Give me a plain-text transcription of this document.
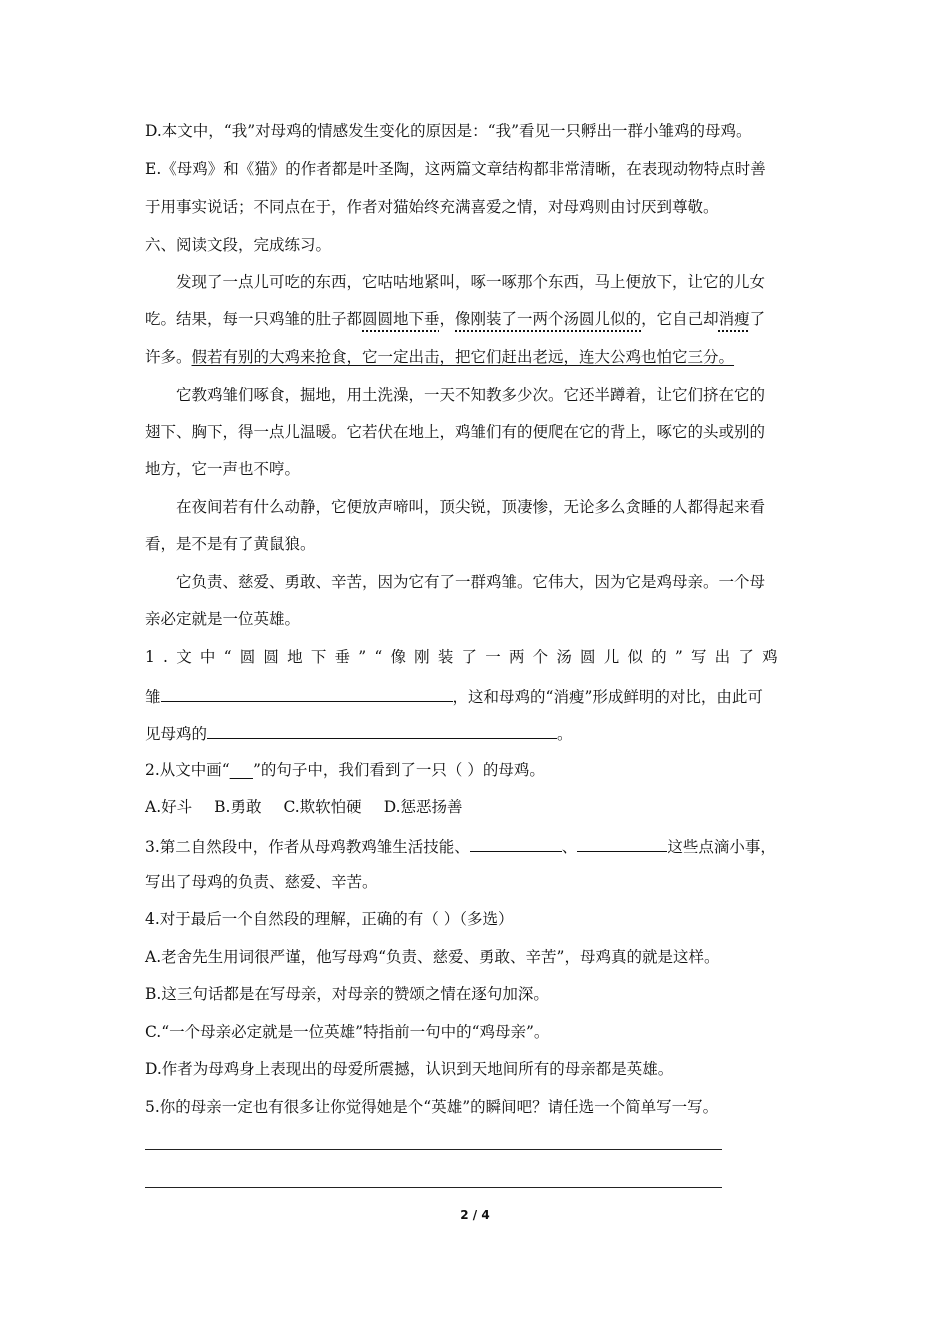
D.本文中，“我”对母鸡的情感发生变化的原因是：“我”看见一只孵出一群小雏鸡的母鸡。

E.《母鸡》和《猫》的作者都是叶圣陶，这两篇文章结构都非常清晰，在表现动物特点时善

于用事实说话；不同点在于，作者对猫始终充满喜爱之情，对母鸡则由讨厌到尊敬。

六、阅读文段，完成练习。

发现了一点儿可吃的东西，它咕咕地紧叫，啄一啄那个东西，马上便放下，让它的儿女

吃。结果，每一只鸡雏的肚子都圆圆地下垂，像刚装了一两个汤圆儿似的，它自己却消瘦了

许多。假若有别的大鸡来抢食，它一定出击，把它们赶出老远，连大公鸡也怕它三分。

它教鸡雏们啄食，掘地，用土洗澡，一天不知教多少次。它还半蹲着，让它们挤在它的

翅下、胸下，得一点儿温暖。它若伏在地上，鸡雏们有的便爬在它的背上，啄它的头或别的

地方，它一声也不哼。

在夜间若有什么动静，它便放声啼叫，顶尖锐，顶凄惨，无论多么贪睡的人都得起来看

看，是不是有了黄鼠狼。

它负责、慈爱、勇敢、辛苦，因为它有了一群鸡雏。它伟大，因为它是鸡母亲。一个母

亲必定就是一位英雄。

1.文中“圆圆地下垂”“像刚装了一两个汤圆儿似的”写出了鸡

雏	，这和母鸡的“消瘦”形成鲜明的对比，由此可

见母鸡的	。

2.从文中画“___”的句子中，我们看到了一只（ ）的母鸡。

A.好斗 B.勇敢 C.欺软怕硬 D.惩恶扬善

3.第二自然段中，作者从母鸡教鸡雏生活技能、	、	这些点滴小事，

写出了母鸡的负责、慈爱、辛苦。

4.对于最后一个自然段的理解，正确的有（ ）（多选）

A.老舍先生用词很严谨，他写母鸡“负责、慈爱、勇敢、辛苦”，母鸡真的就是这样。

B.这三句话都是在写母亲，对母亲的赞颂之情在逐句加深。

C.“一个母亲必定就是一位英雄”特指前一句中的“鸡母亲”。

D.作者为母鸡身上表现出的母爱所震撼，认识到天地间所有的母亲都是英雄。

5.你的母亲一定也有很多让你觉得她是个“英雄”的瞬间吧？请任选一个简单写一写。

2 / 4
